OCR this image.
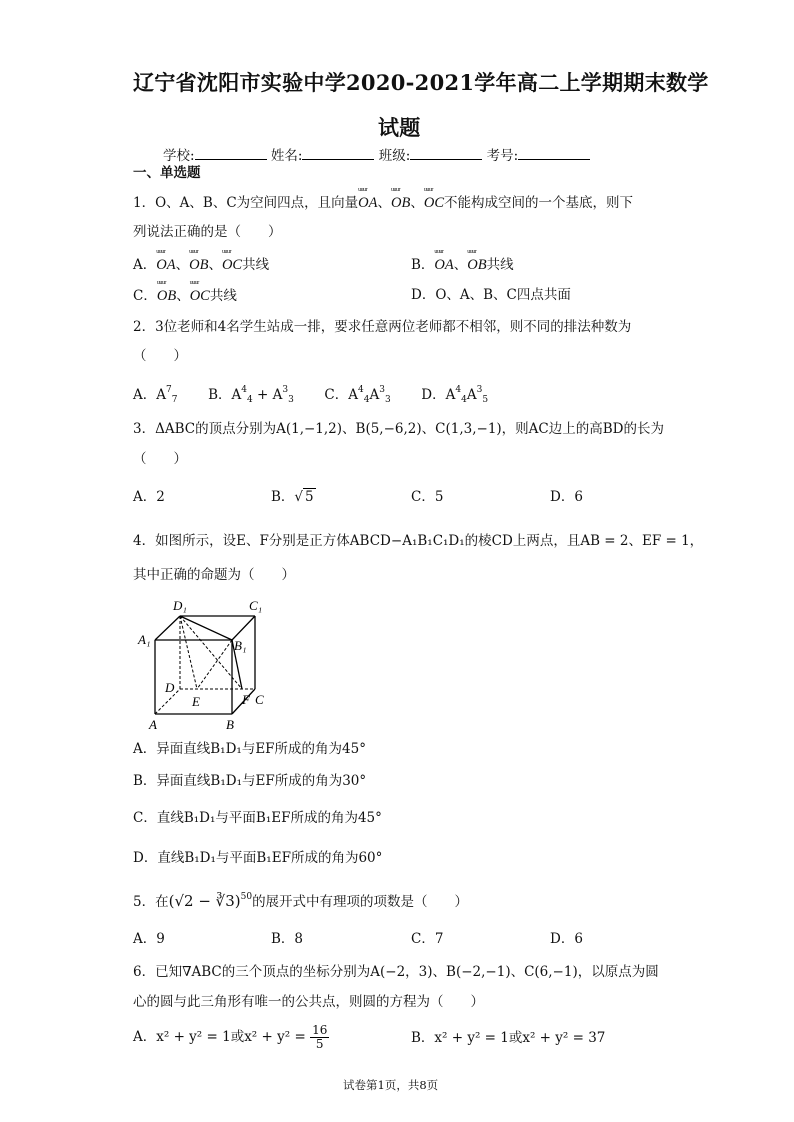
辽宁省沈阳市实验中学2020-2021学年高二上学期期末数学
试题
学校:	姓名:	班级:	考号:
一、单选题
1．O、A、B、C为空间四点，且向量uuur OA、uuur OB、uuur OC不能构成空间的一个基底，则下
列说法正确的是（　　）
A．uuur OA、uuur OB、uuur OC共线	B．uuur OA、uuur OB共线
C．uuur OB、uuur OC共线	D．O、A、B、C四点共面
2．3位老师和4名学生站成一排，要求任意两位老师都不相邻，则不同的排法种数为
（　　）
A．$A^7_7$ B．$A^4_4 + A^3_3$ C．$A^4_4A^3_3$ D．$A^4_4A^3_5$
3．ΔABC的顶点分别为A(1,−1,2)、B(5,−6,2)、C(1,3,−1)，则AC边上的高BD的长为
（　　）
A．2	B．√ 5	C．5	D．6
4．如图所示，设E、F分别是正方体ABCD−A₁B₁C₁D₁的棱CD上两点，且AB = 2、EF = 1，
其中正确的命题为（　　）
D₁	C₁
A₁	B₁
D
F C
E
A	B
A．异面直线B₁D₁与EF所成的角为45°
B．异面直线B₁D₁与EF所成的角为30°
C．直线B₁D₁与平面B₁EF所成的角为45°
D．直线B₁D₁与平面B₁EF所成的角为60°
5．在(√2 − ∛3)$^{50}$的展开式中有理项的项数是（　　）
A．9	B．8	C．7	D．6
6．已知∇ABC的三个顶点的坐标分别为A(−2，3)、B(−2,−1)、C(6,−1)，以原点为圆
心的圆与此三角形有唯一的公共点，则圆的方程为（　　）
A．x² + y² = 1或$x^2 + y^2 = \frac{16}{5}$	B．x² + y² = 1或x² + y² = 37
试卷第1页，共8页
